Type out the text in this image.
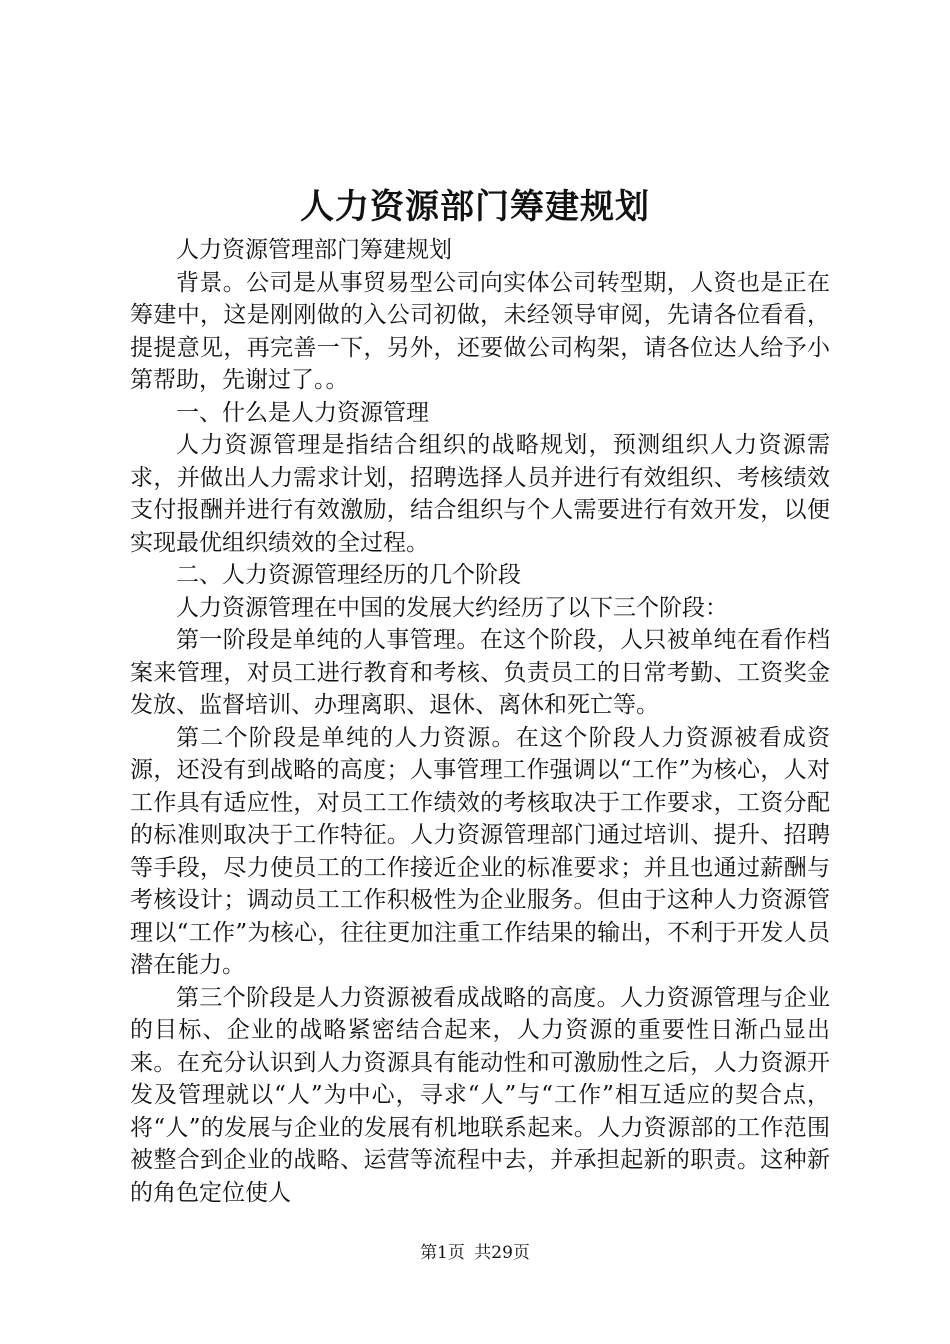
人力资源部门筹建规划

人力资源管理部门筹建规划

背景。公司是从事贸易型公司向实体公司转型期，人资也是正在筹建中，这是刚刚做的入公司初做，未经领导审阅，先请各位看看，提提意见，再完善一下，另外，还要做公司构架，请各位达人给予小第帮助，先谢过了。。

一、什么是人力资源管理

人力资源管理是指结合组织的战略规划，预测组织人力资源需求，并做出人力需求计划，招聘选择人员并进行有效组织、考核绩效支付报酬并进行有效激励，结合组织与个人需要进行有效开发，以便实现最优组织绩效的全过程。

二、人力资源管理经历的几个阶段

人力资源管理在中国的发展大约经历了以下三个阶段：

第一阶段是单纯的人事管理。在这个阶段，人只被单纯在看作档案来管理，对员工进行教育和考核、负责员工的日常考勤、工资奖金发放、监督培训、办理离职、退休、离休和死亡等。

第二个阶段是单纯的人力资源。在这个阶段人力资源被看成资源，还没有到战略的高度；人事管理工作强调以“工作”为核心，人对工作具有适应性，对员工工作绩效的考核取决于工作要求，工资分配的标准则取决于工作特征。人力资源管理部门通过培训、提升、招聘等手段，尽力使员工的工作接近企业的标准要求；并且也通过薪酬与考核设计；调动员工工作积极性为企业服务。但由于这种人力资源管理以“工作”为核心，往往更加注重工作结果的输出，不利于开发人员潜在能力。

第三个阶段是人力资源被看成战略的高度。人力资源管理与企业的目标、企业的战略紧密结合起来，人力资源的重要性日渐凸显出来。在充分认识到人力资源具有能动性和可激励性之后，人力资源开发及管理就以“人”为中心，寻求“人”与“工作”相互适应的契合点，将“人”的发展与企业的发展有机地联系起来。人力资源部的工作范围被整合到企业的战略、运营等流程中去，并承担起新的职责。这种新的角色定位使人

第1页 共29页
